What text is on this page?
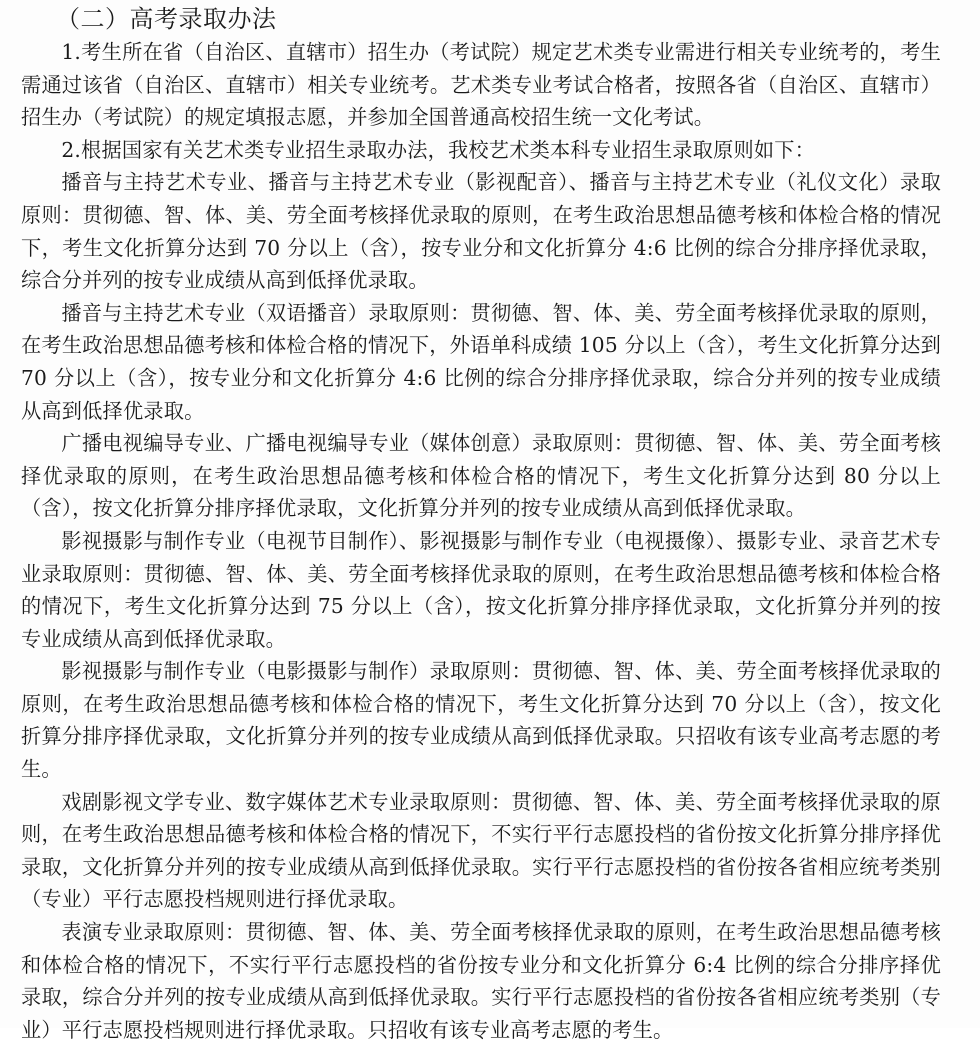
（二）高考录取办法

1.考生所在省（自治区、直辖市）招生办（考试院）规定艺术类专业需进行相关专业统考的，考生需通过该省（自治区、直辖市）相关专业统考。艺术类专业考试合格者，按照各省（自治区、直辖市）招生办（考试院）的规定填报志愿，并参加全国普通高校招生统一文化考试。

2.根据国家有关艺术类专业招生录取办法，我校艺术类本科专业招生录取原则如下：

播音与主持艺术专业、播音与主持艺术专业（影视配音）、播音与主持艺术专业（礼仪文化）录取原则：贯彻德、智、体、美、劳全面考核择优录取的原则，在考生政治思想品德考核和体检合格的情况下，考生文化折算分达到 70 分以上（含），按专业分和文化折算分 4:6 比例的综合分排序择优录取，综合分并列的按专业成绩从高到低择优录取。

播音与主持艺术专业（双语播音）录取原则：贯彻德、智、体、美、劳全面考核择优录取的原则，在考生政治思想品德考核和体检合格的情况下，外语单科成绩 105 分以上（含），考生文化折算分达到 70 分以上（含），按专业分和文化折算分 4:6 比例的综合分排序择优录取，综合分并列的按专业成绩从高到低择优录取。

广播电视编导专业、广播电视编导专业（媒体创意）录取原则：贯彻德、智、体、美、劳全面考核择优录取的原则，在考生政治思想品德考核和体检合格的情况下，考生文化折算分达到 80 分以上（含），按文化折算分排序择优录取，文化折算分并列的按专业成绩从高到低择优录取。

影视摄影与制作专业（电视节目制作）、影视摄影与制作专业（电视摄像）、摄影专业、录音艺术专业录取原则：贯彻德、智、体、美、劳全面考核择优录取的原则，在考生政治思想品德考核和体检合格的情况下，考生文化折算分达到 75 分以上（含），按文化折算分排序择优录取，文化折算分并列的按专业成绩从高到低择优录取。

影视摄影与制作专业（电影摄影与制作）录取原则：贯彻德、智、体、美、劳全面考核择优录取的原则，在考生政治思想品德考核和体检合格的情况下，考生文化折算分达到 70 分以上（含），按文化折算分排序择优录取，文化折算分并列的按专业成绩从高到低择优录取。只招收有该专业高考志愿的考生。

戏剧影视文学专业、数字媒体艺术专业录取原则：贯彻德、智、体、美、劳全面考核择优录取的原则，在考生政治思想品德考核和体检合格的情况下，不实行平行志愿投档的省份按文化折算分排序择优录取，文化折算分并列的按专业成绩从高到低择优录取。实行平行志愿投档的省份按各省相应统考类别（专业）平行志愿投档规则进行择优录取。

表演专业录取原则：贯彻德、智、体、美、劳全面考核择优录取的原则，在考生政治思想品德考核和体检合格的情况下，不实行平行志愿投档的省份按专业分和文化折算分 6:4 比例的综合分排序择优录取，综合分并列的按专业成绩从高到低择优录取。实行平行志愿投档的省份按各省相应统考类别（专业）平行志愿投档规则进行择优录取。只招收有该专业高考志愿的考生。
